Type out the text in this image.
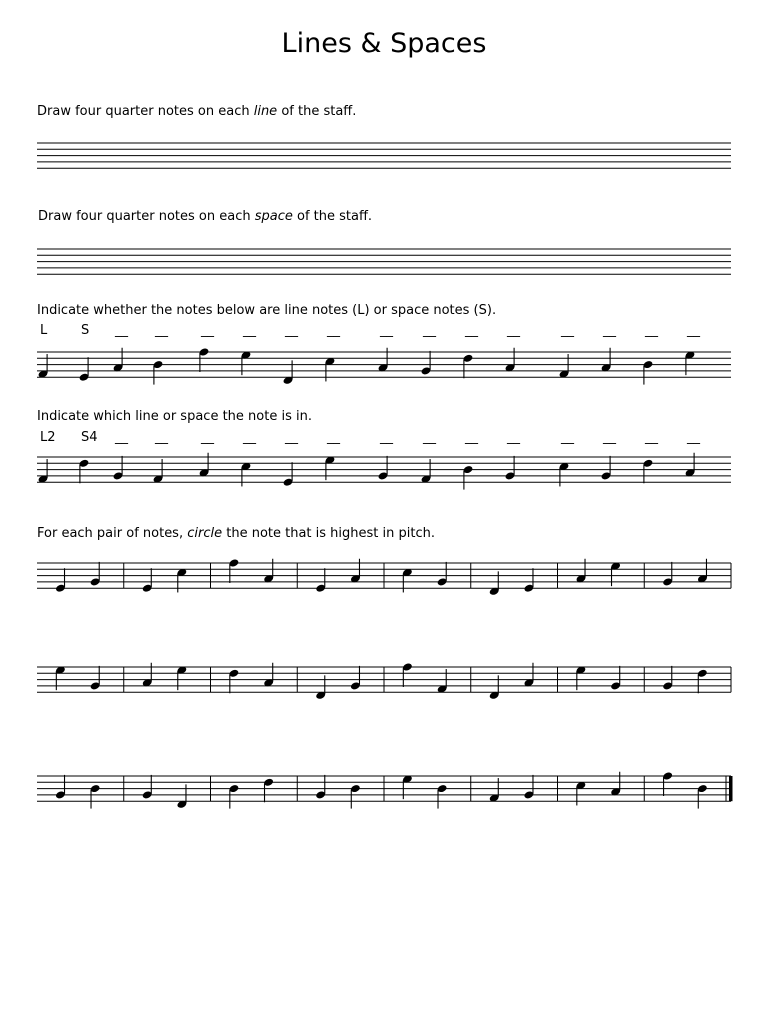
Lines & Spaces
Draw four quarter notes on each line of the staff.
Draw four quarter notes on each space of the staff.
Indicate whether the notes below are line notes (L) or space notes (S).
L	S __ __	__ __ __ __	__ __ __ __	__ __ __ __
Indicate which line or space the note is in.
L2 S4 __ __	__ __ __ __	__ __ __ __	__ __ __ __
For each pair of notes, circle the note that is highest in pitch.
